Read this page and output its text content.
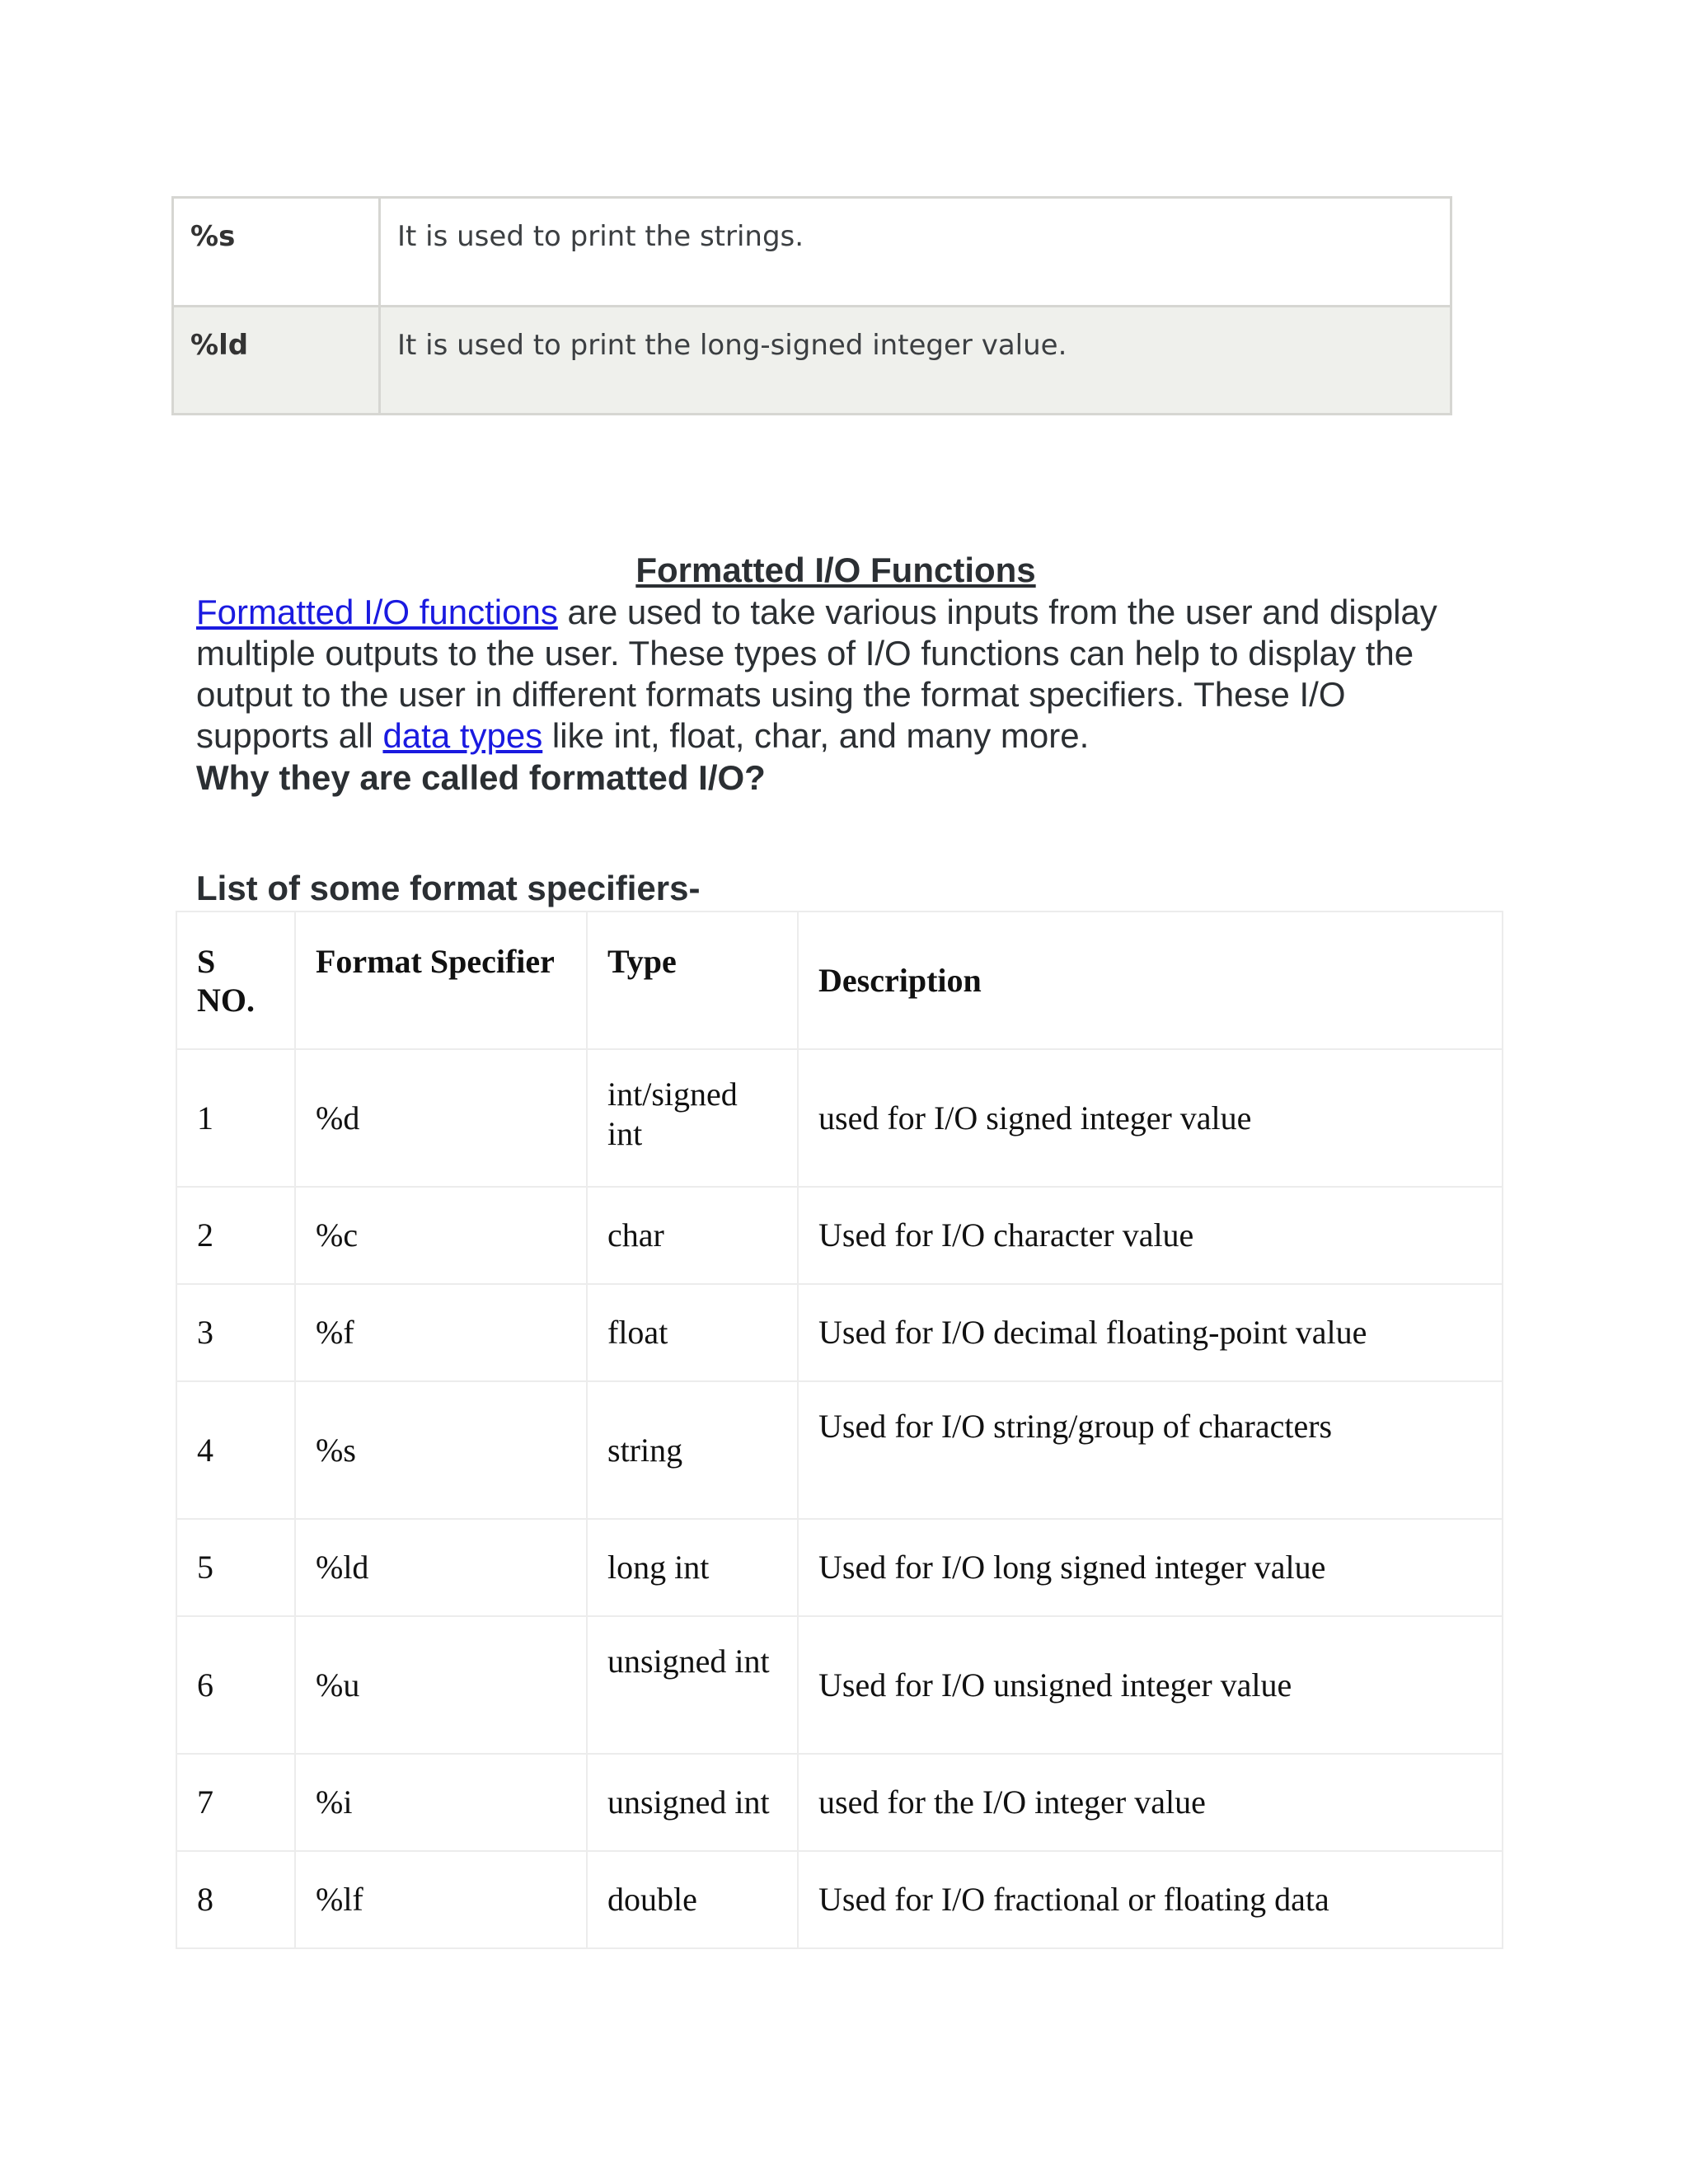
%s	It is used to print the strings.
%ld	It is used to print the long-signed integer value.
Formatted I/O Functions
Formatted I/O functions are used to take various inputs from the user and display multiple outputs to the user. These types of I/O functions can help to display the output to the user in different formats using the format specifiers. These I/O supports all data types like int, float, char, and many more.
Why they are called formatted I/O?
List of some format specifiers-
S NO.	Format Specifier	Type	Description
1	%d	int/signed int	used for I/O signed integer value
2	%c	char	Used for I/O character value
3	%f	float	Used for I/O decimal floating-point value
4	%s	string	Used for I/O string/group of characters
5	%ld	long int	Used for I/O long signed integer value
6	%u	unsigned int	Used for I/O unsigned integer value
7	%i	unsigned int	used for the I/O integer value
8	%lf	double	Used for I/O fractional or floating data
